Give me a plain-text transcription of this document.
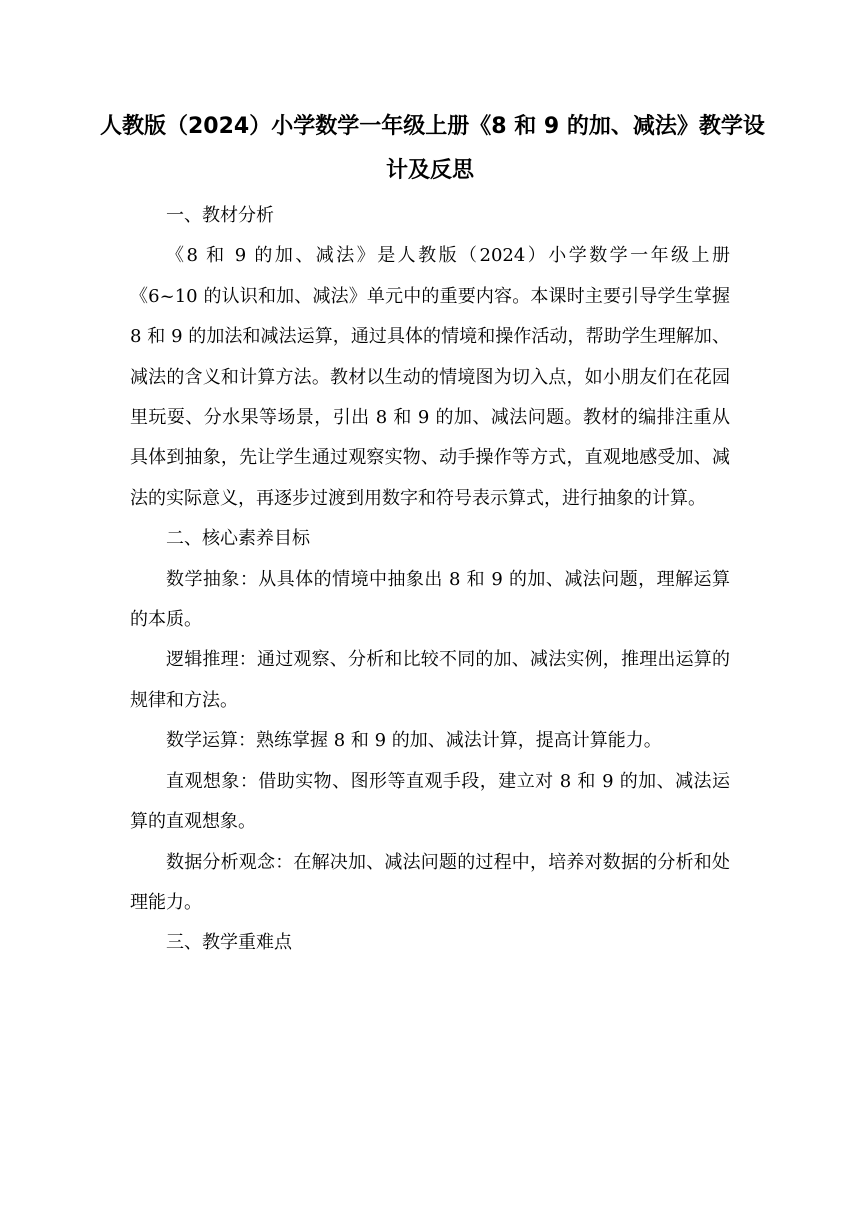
人教版（2024）小学数学一年级上册《8 和 9 的加、减法》教学设
计及反思
一、教材分析

《8 和 9 的加、减法》是人教版（2024）小学数学一年级上册《6~10 的认识和加、减法》单元中的重要内容。本课时主要引导学生掌握 8 和 9 的加法和减法运算，通过具体的情境和操作活动，帮助学生理解加、减法的含义和计算方法。教材以生动的情境图为切入点，如小朋友们在花园里玩耍、分水果等场景，引出 8 和 9 的加、减法问题。教材的编排注重从具体到抽象，先让学生通过观察实物、动手操作等方式，直观地感受加、减法的实际意义，再逐步过渡到用数字和符号表示算式，进行抽象的计算。

二、核心素养目标

数学抽象：从具体的情境中抽象出 8 和 9 的加、减法问题，理解运算的本质。

逻辑推理：通过观察、分析和比较不同的加、减法实例，推理出运算的规律和方法。

数学运算：熟练掌握 8 和 9 的加、减法计算，提高计算能力。

直观想象：借助实物、图形等直观手段，建立对 8 和 9 的加、减法运算的直观想象。

数据分析观念：在解决加、减法问题的过程中，培养对数据的分析和处理能力。

三、教学重难点
